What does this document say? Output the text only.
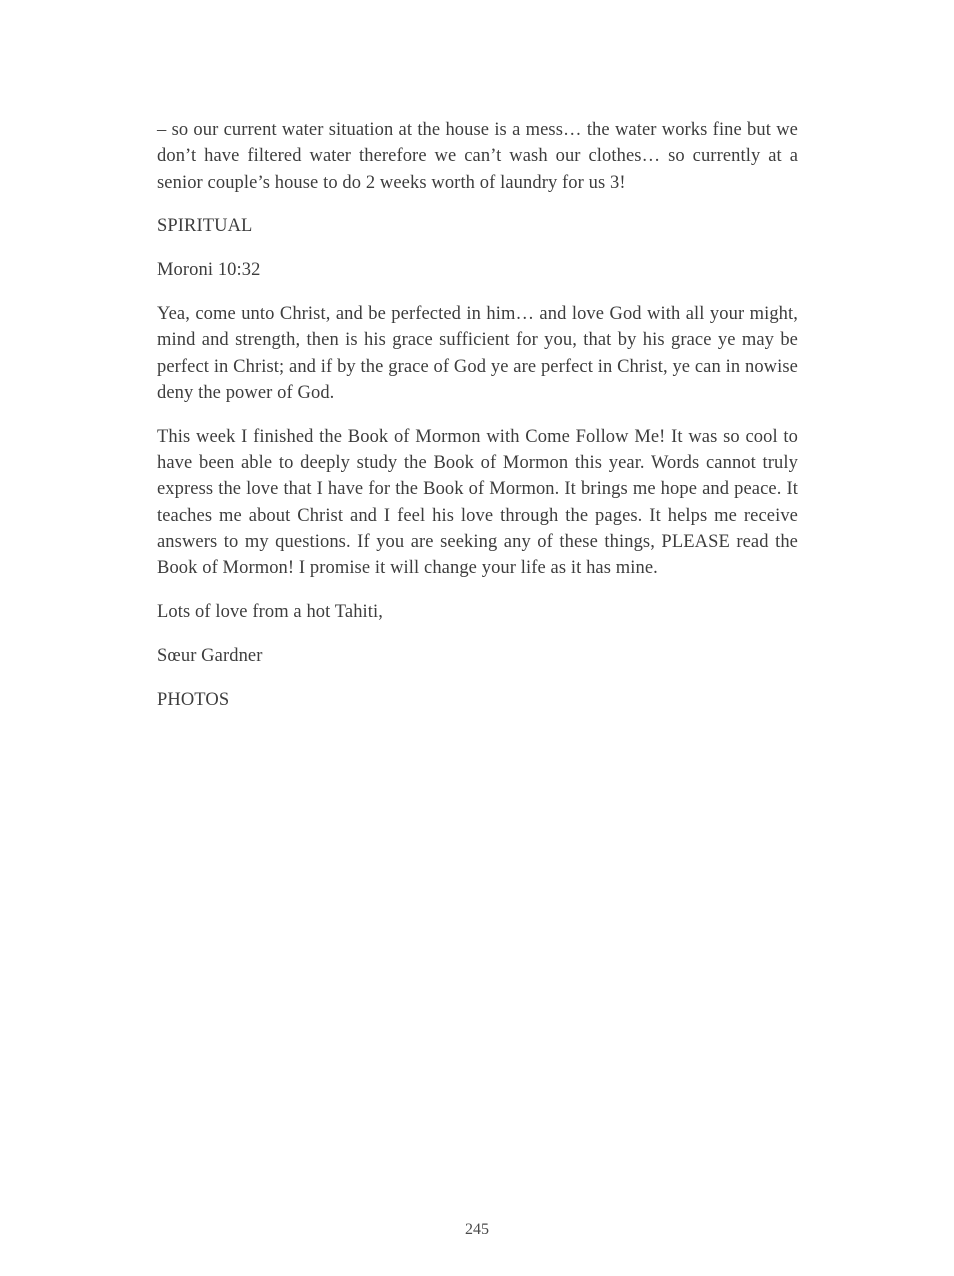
– so our current water situation at the house is a mess… the water works fine but we don’t have filtered water therefore we can’t wash our clothes… so currently at a senior couple’s house to do 2 weeks worth of laundry for us 3!

SPIRITUAL

Moroni 10:32

Yea, come unto Christ, and be perfected in him… and love God with all your might, mind and strength, then is his grace sufficient for you, that by his grace ye may be perfect in Christ; and if by the grace of God ye are perfect in Christ, ye can in nowise deny the power of God.

This week I finished the Book of Mormon with Come Follow Me! It was so cool to have been able to deeply study the Book of Mormon this year. Words cannot truly express the love that I have for the Book of Mormon. It brings me hope and peace. It teaches me about Christ and I feel his love through the pages. It helps me receive answers to my questions. If you are seeking any of these things, PLEASE read the Book of Mormon! I promise it will change your life as it has mine.

Lots of love from a hot Tahiti,

Sœur Gardner

PHOTOS

245
